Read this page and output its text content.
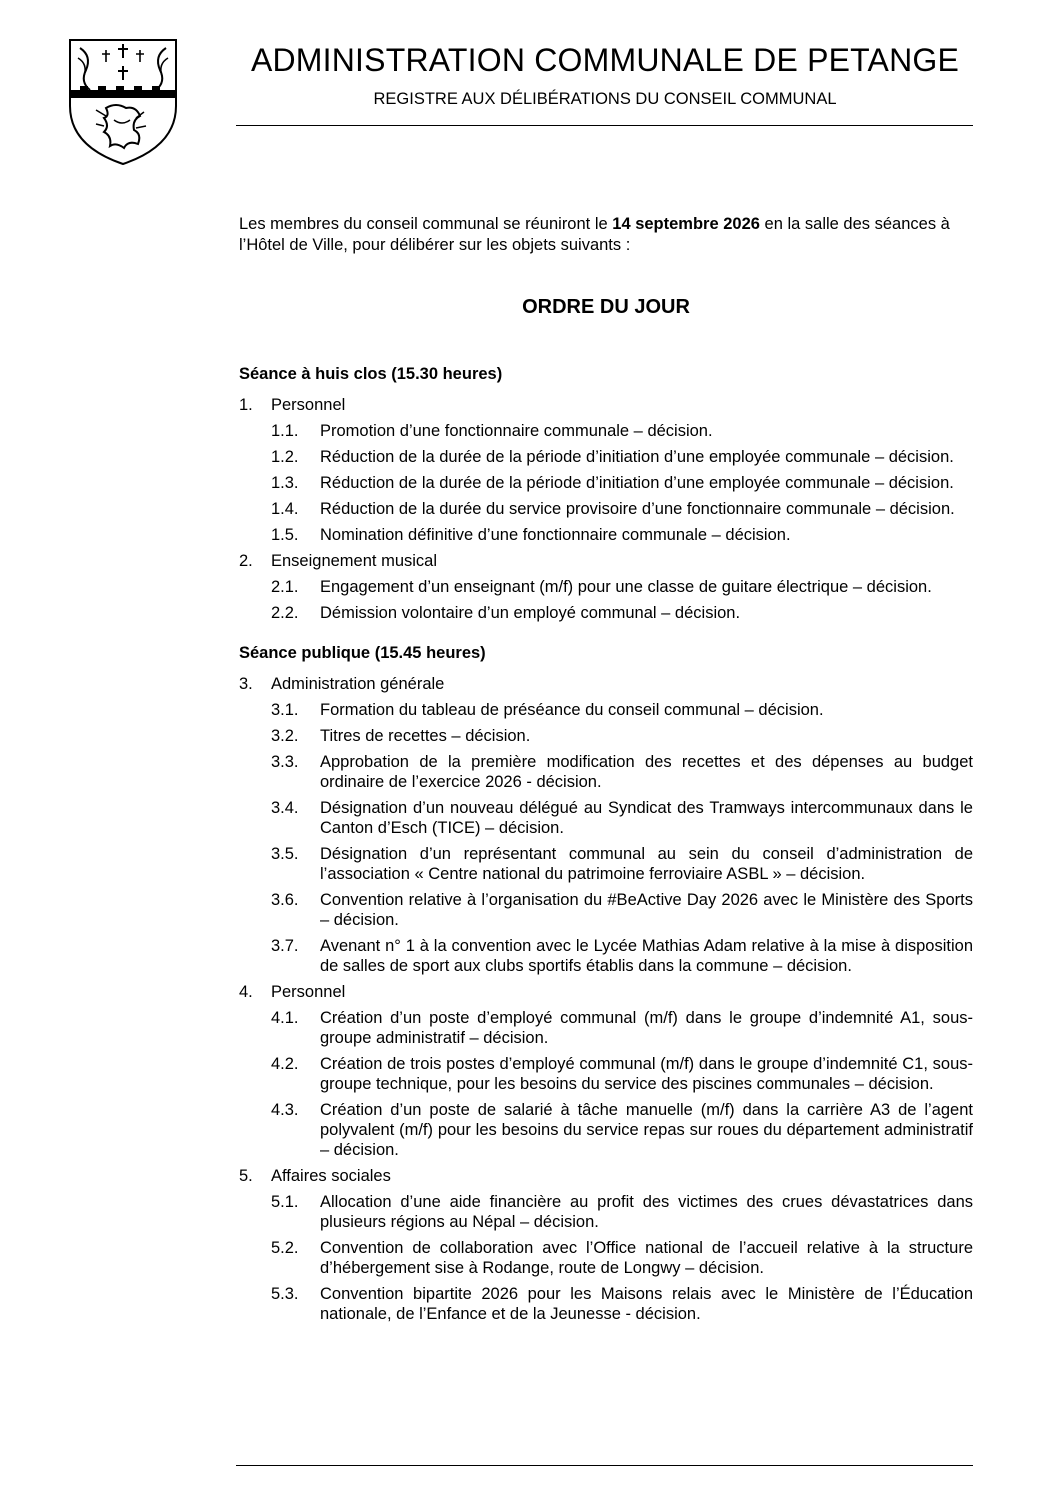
ADMINISTRATION COMMUNALE DE PETANGE
REGISTRE AUX DÉLIBÉRATIONS DU CONSEIL COMMUNAL
Les membres du conseil communal se réuniront le 14 septembre 2026 en la salle des séances à l’Hôtel de Ville, pour délibérer sur les objets suivants :
ORDRE DU JOUR
Séance à huis clos (15.30 heures)
1.	Personnel
1.1.	Promotion d’une fonctionnaire communale – décision.
1.2.	Réduction de la durée de la période d’initiation d’une employée communale – décision.
1.3.	Réduction de la durée de la période d’initiation d’une employée communale – décision.
1.4.	Réduction de la durée du service provisoire d’une fonctionnaire communale – décision.
1.5.	Nomination définitive d’une fonctionnaire communale – décision.
2.	Enseignement musical
2.1.	Engagement d’un enseignant (m/f) pour une classe de guitare électrique – décision.
2.2.	Démission volontaire d’un employé communal – décision.
Séance publique (15.45 heures)
3.	Administration générale
3.1.	Formation du tableau de préséance du conseil communal – décision.
3.2.	Titres de recettes – décision.
3.3.	Approbation de la première modification des recettes et des dépenses au budget ordinaire de l’exercice 2026 - décision.
3.4.	Désignation d’un nouveau délégué au Syndicat des Tramways intercommunaux dans le Canton d’Esch (TICE) – décision.
3.5.	Désignation d’un représentant communal au sein du conseil d’administration de l’association « Centre national du patrimoine ferroviaire ASBL » – décision.
3.6.	Convention relative à l’organisation du #BeActive Day 2026 avec le Ministère des Sports – décision.
3.7.	Avenant n° 1 à la convention avec le Lycée Mathias Adam relative à la mise à disposition de salles de sport aux clubs sportifs établis dans la commune – décision.
4.	Personnel
4.1.	Création d’un poste d’employé communal (m/f) dans le groupe d’indemnité A1, sous-groupe administratif – décision.
4.2.	Création de trois postes d’employé communal (m/f) dans le groupe d’indemnité C1, sous-groupe technique, pour les besoins du service des piscines communales – décision.
4.3.	Création d’un poste de salarié à tâche manuelle (m/f) dans la carrière A3 de l’agent polyvalent (m/f) pour les besoins du service repas sur roues du département administratif – décision.
5.	Affaires sociales
5.1.	Allocation d’une aide financière au profit des victimes des crues dévastatrices dans plusieurs régions au Népal – décision.
5.2.	Convention de collaboration avec l’Office national de l’accueil relative à la structure d’hébergement sise à Rodange, route de Longwy – décision.
5.3.	Convention bipartite 2026 pour les Maisons relais avec le Ministère de l’Éducation nationale, de l’Enfance et de la Jeunesse - décision.
